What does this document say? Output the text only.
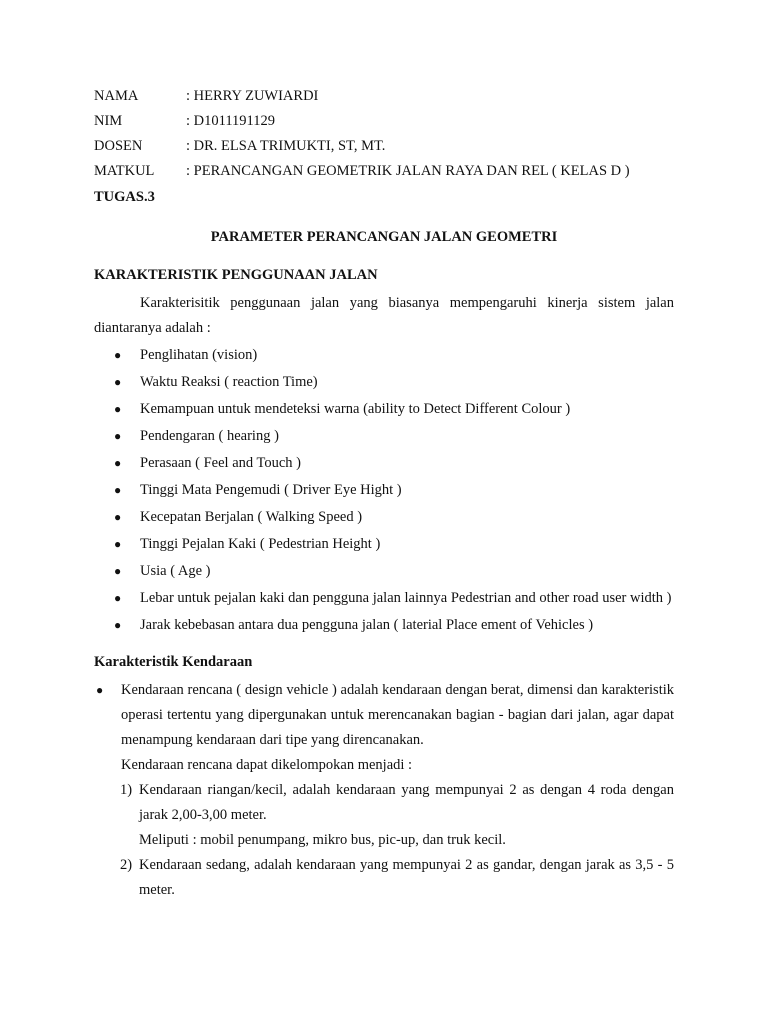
NAMA	: HERRY ZUWIARDI
NIM	: D1011191129
DOSEN	: DR. ELSA TRIMUKTI, ST, MT.
MATKUL	: PERANCANGAN GEOMETRIK JALAN RAYA DAN REL ( KELAS D )
TUGAS.3
PARAMETER PERANCANGAN JALAN GEOMETRI
KARAKTERISTIK PENGGUNAAN JALAN
Karakterisitik penggunaan jalan yang biasanya mempengaruhi kinerja sistem jalan diantaranya adalah :
● Penglihatan (vision)
● Waktu Reaksi ( reaction Time)
● Kemampuan untuk mendeteksi warna (ability to Detect Different Colour )
● Pendengaran ( hearing )
● Perasaan ( Feel and Touch )
● Tinggi Mata Pengemudi ( Driver Eye Hight )
● Kecepatan Berjalan ( Walking Speed )
● Tinggi Pejalan Kaki ( Pedestrian Height )
● Usia ( Age )
● Lebar untuk pejalan kaki dan pengguna jalan lainnya Pedestrian and other road user width )
● Jarak kebebasan antara dua pengguna jalan ( laterial Place ement of Vehicles )
Karakteristik Kendaraan
● Kendaraan rencana ( design vehicle ) adalah kendaraan dengan berat, dimensi dan karakteristik operasi tertentu yang dipergunakan untuk merencanakan bagian - bagian dari jalan, agar dapat menampung kendaraan dari tipe yang direncanakan.

Kendaraan rencana dapat dikelompokan menjadi :

1) Kendaraan riangan/kecil, adalah kendaraan yang mempunyai 2 as dengan 4 roda dengan jarak 2,00-3,00 meter.

Meliputi : mobil penumpang, mikro bus, pic-up, dan truk kecil.

2) Kendaraan sedang, adalah kendaraan yang mempunyai 2 as gandar, dengan jarak as 3,5 - 5 meter.
